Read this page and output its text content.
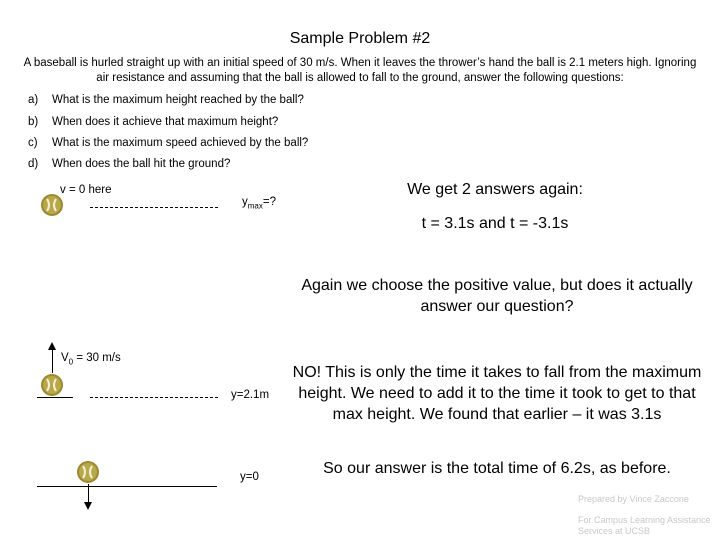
Sample Problem #2
A baseball is hurled straight up with an initial speed of 30 m/s. When it leaves the thrower’s hand the ball is 2.1 meters high. Ignoring air resistance and assuming that the ball is allowed to fall to the ground, answer the following questions:
a) What is the maximum height reached by the ball?
b) When does it achieve that maximum height?
c) What is the maximum speed achieved by the ball?
d) When does the ball hit the ground?
v = 0 here
$y_{max}=$?
$V_0 = 30$ m/s
y=2.1m
y=0
We get 2 answers again:
t = 3.1s and t = -3.1s
Again we choose the positive value, but does it actually answer our question?
NO! This is only the time it takes to fall from the maximum height. We need to add it to the time it took to get to that max height. We found that earlier – it was 3.1s
So our answer is the total time of 6.2s, as before.
Prepared by Vince Zaccone
For Campus Learning Assistance Services at UCSB
